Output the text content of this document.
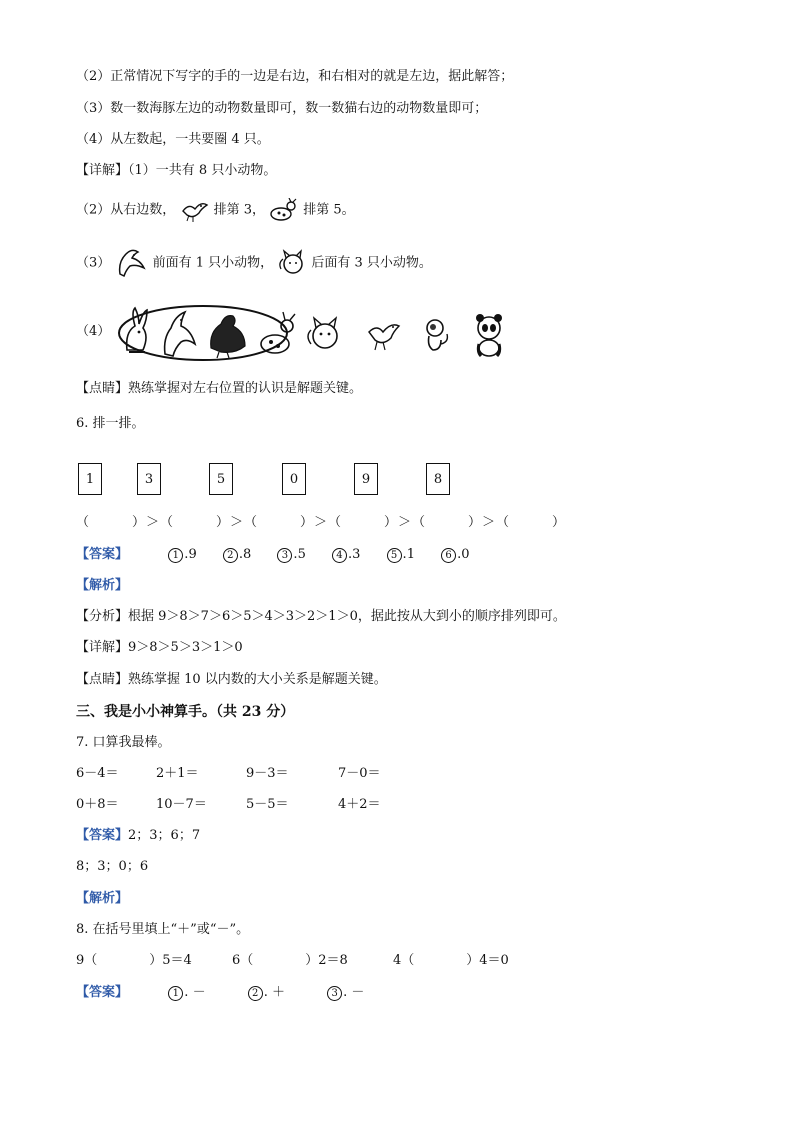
（2）正常情况下写字的手的一边是右边，和右相对的就是左边，据此解答；
（3）数一数海豚左边的动物数量即可，数一数猫右边的动物数量即可；
（4）从左数起，一共要圈 4 只。
【详解】（1）一共有 8 只小动物。
（2）从右边数，	排第 3，	排第 5。
（3）	前面有 1 只小动物，	后面有 3 只小动物。
（4）
【点睛】熟练掌握对左右位置的认识是解题关键。
6. 排一排。
1	3	5	0	9	8
（　　　）＞（　　　）＞（　　　）＞（　　　）＞（　　　）＞（　　　）
【答案】	1 .9	2 .8	3 .5	4 .3	5 .1	6 .0
【解析】
【分析】根据 9＞8＞7＞6＞5＞4＞3＞2＞1＞0，据此按从大到小的顺序排列即可。
【详解】9＞8＞5＞3＞1＞0
【点睛】熟练掌握 10 以内数的大小关系是解题关键。
三、我是小小神算手。（共 23 分）
7. 口算我最棒。
6－4＝	2＋1＝	9－3＝	7－0＝
0＋8＝	10－7＝	5－5＝	4＋2＝
【答案】2；3；6；7
8；3；0；6
【解析】
8. 在括号里填上“＋”或“－”。
9（　　　　）5＝4	6（　　　　）2＝8	4（　　　　）4＝0
【答案】	1 . －	2 . ＋	3 . －
